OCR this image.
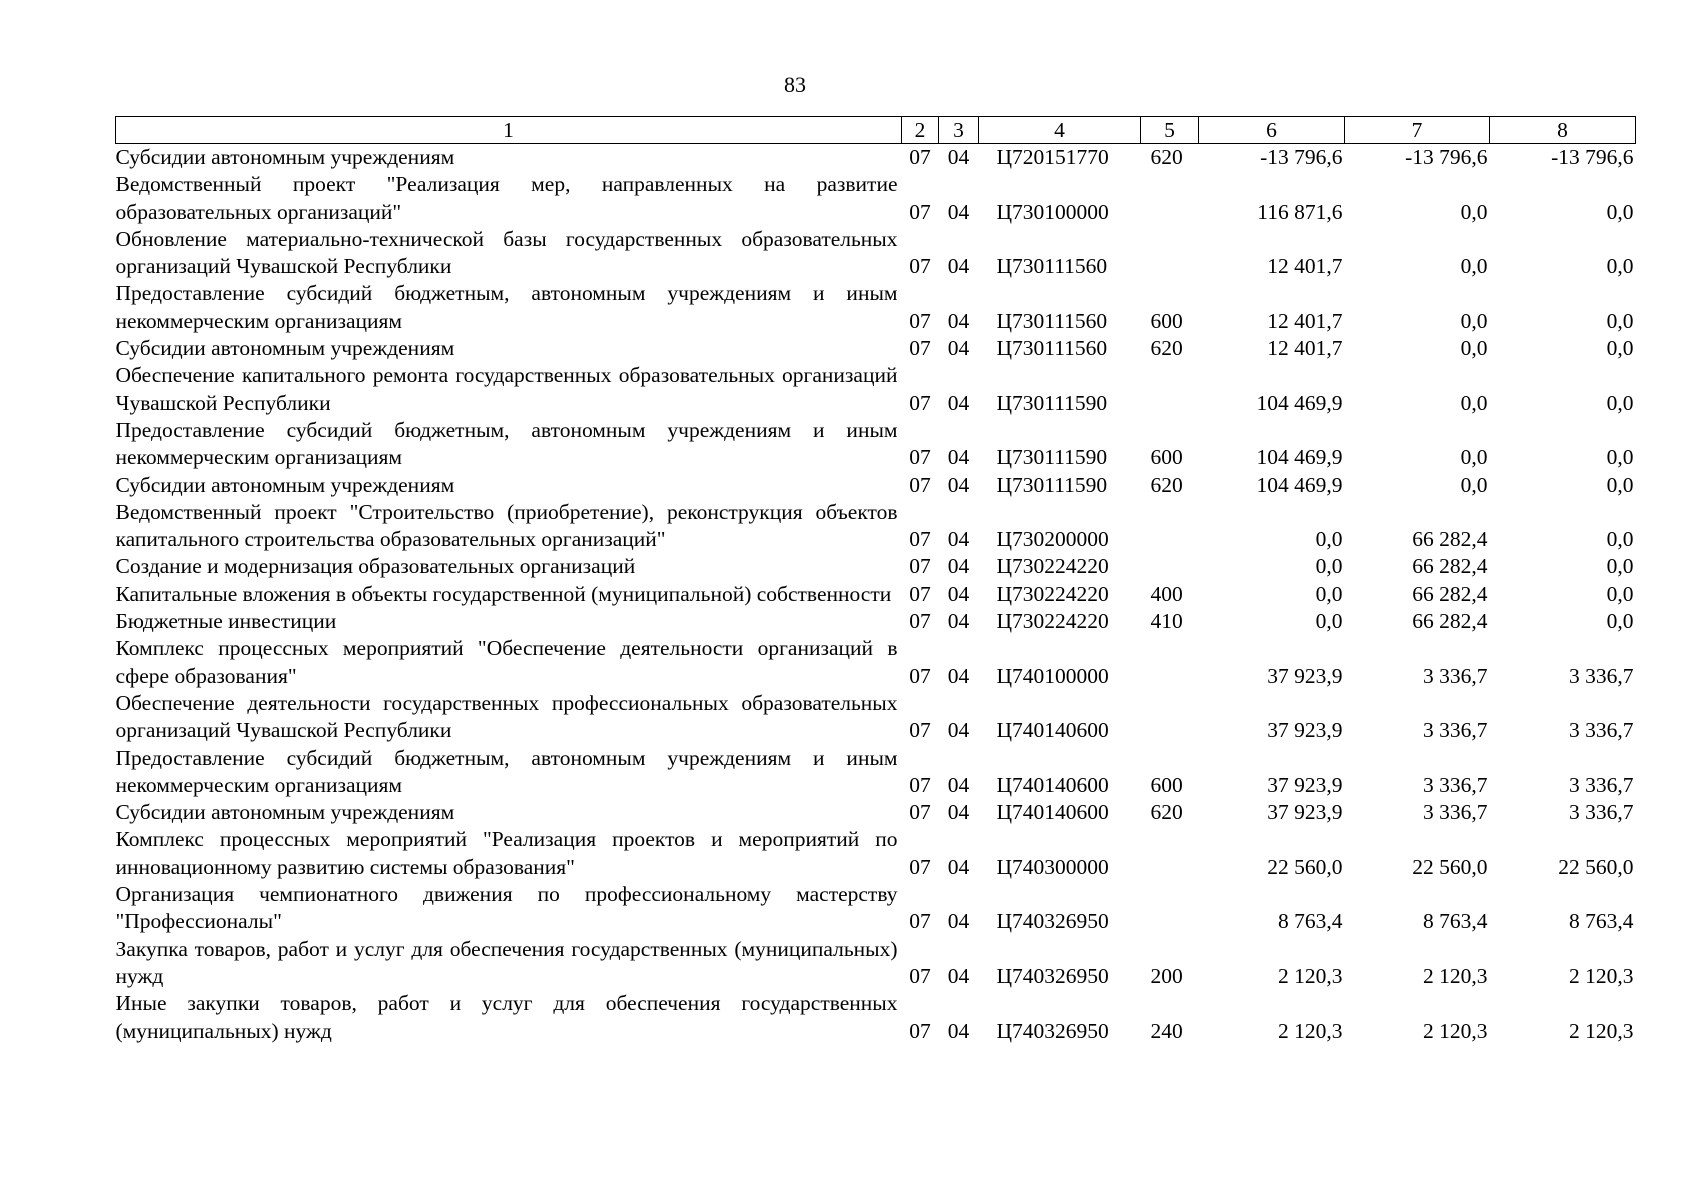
83
1	2	3	4	5	6	7	8
Субсидии автономным учреждениям	07	04	Ц720151770	620	-13 796,6	-13 796,6	-13 796,6
Ведомственный проект "Реализация мер, направленных на развитие образовательных организаций"	07	04	Ц730100000		116 871,6	0,0	0,0
Обновление материально-технической базы государственных образовательных организаций Чувашской Республики	07	04	Ц730111560		12 401,7	0,0	0,0
Предоставление субсидий бюджетным, автономным учреждениям и иным некоммерческим организациям	07	04	Ц730111560	600	12 401,7	0,0	0,0
Субсидии автономным учреждениям	07	04	Ц730111560	620	12 401,7	0,0	0,0
Обеспечение капитального ремонта государственных образовательных организаций Чувашской Республики	07	04	Ц730111590		104 469,9	0,0	0,0
Предоставление субсидий бюджетным, автономным учреждениям и иным некоммерческим организациям	07	04	Ц730111590	600	104 469,9	0,0	0,0
Субсидии автономным учреждениям	07	04	Ц730111590	620	104 469,9	0,0	0,0
Ведомственный проект "Строительство (приобретение), реконструкция объектов капитального строительства образовательных организаций"	07	04	Ц730200000		0,0	66 282,4	0,0
Создание и модернизация образовательных организаций	07	04	Ц730224220		0,0	66 282,4	0,0
Капитальные вложения в объекты государственной (муниципальной) собственности	07	04	Ц730224220	400	0,0	66 282,4	0,0
Бюджетные инвестиции	07	04	Ц730224220	410	0,0	66 282,4	0,0
Комплекс процессных мероприятий "Обеспечение деятельности организаций в сфере образования"	07	04	Ц740100000		37 923,9	3 336,7	3 336,7
Обеспечение деятельности государственных профессиональных образовательных организаций Чувашской Республики	07	04	Ц740140600		37 923,9	3 336,7	3 336,7
Предоставление субсидий бюджетным, автономным учреждениям и иным некоммерческим организациям	07	04	Ц740140600	600	37 923,9	3 336,7	3 336,7
Субсидии автономным учреждениям	07	04	Ц740140600	620	37 923,9	3 336,7	3 336,7
Комплекс процессных мероприятий "Реализация проектов и мероприятий по инновационному развитию системы образования"	07	04	Ц740300000		22 560,0	22 560,0	22 560,0
Организация чемпионатного движения по профессиональному мастерству "Профессионалы"	07	04	Ц740326950		8 763,4	8 763,4	8 763,4
Закупка товаров, работ и услуг для обеспечения государственных (муниципальных) нужд	07	04	Ц740326950	200	2 120,3	2 120,3	2 120,3
Иные закупки товаров, работ и услуг для обеспечения государственных (муниципальных) нужд	07	04	Ц740326950	240	2 120,3	2 120,3	2 120,3
